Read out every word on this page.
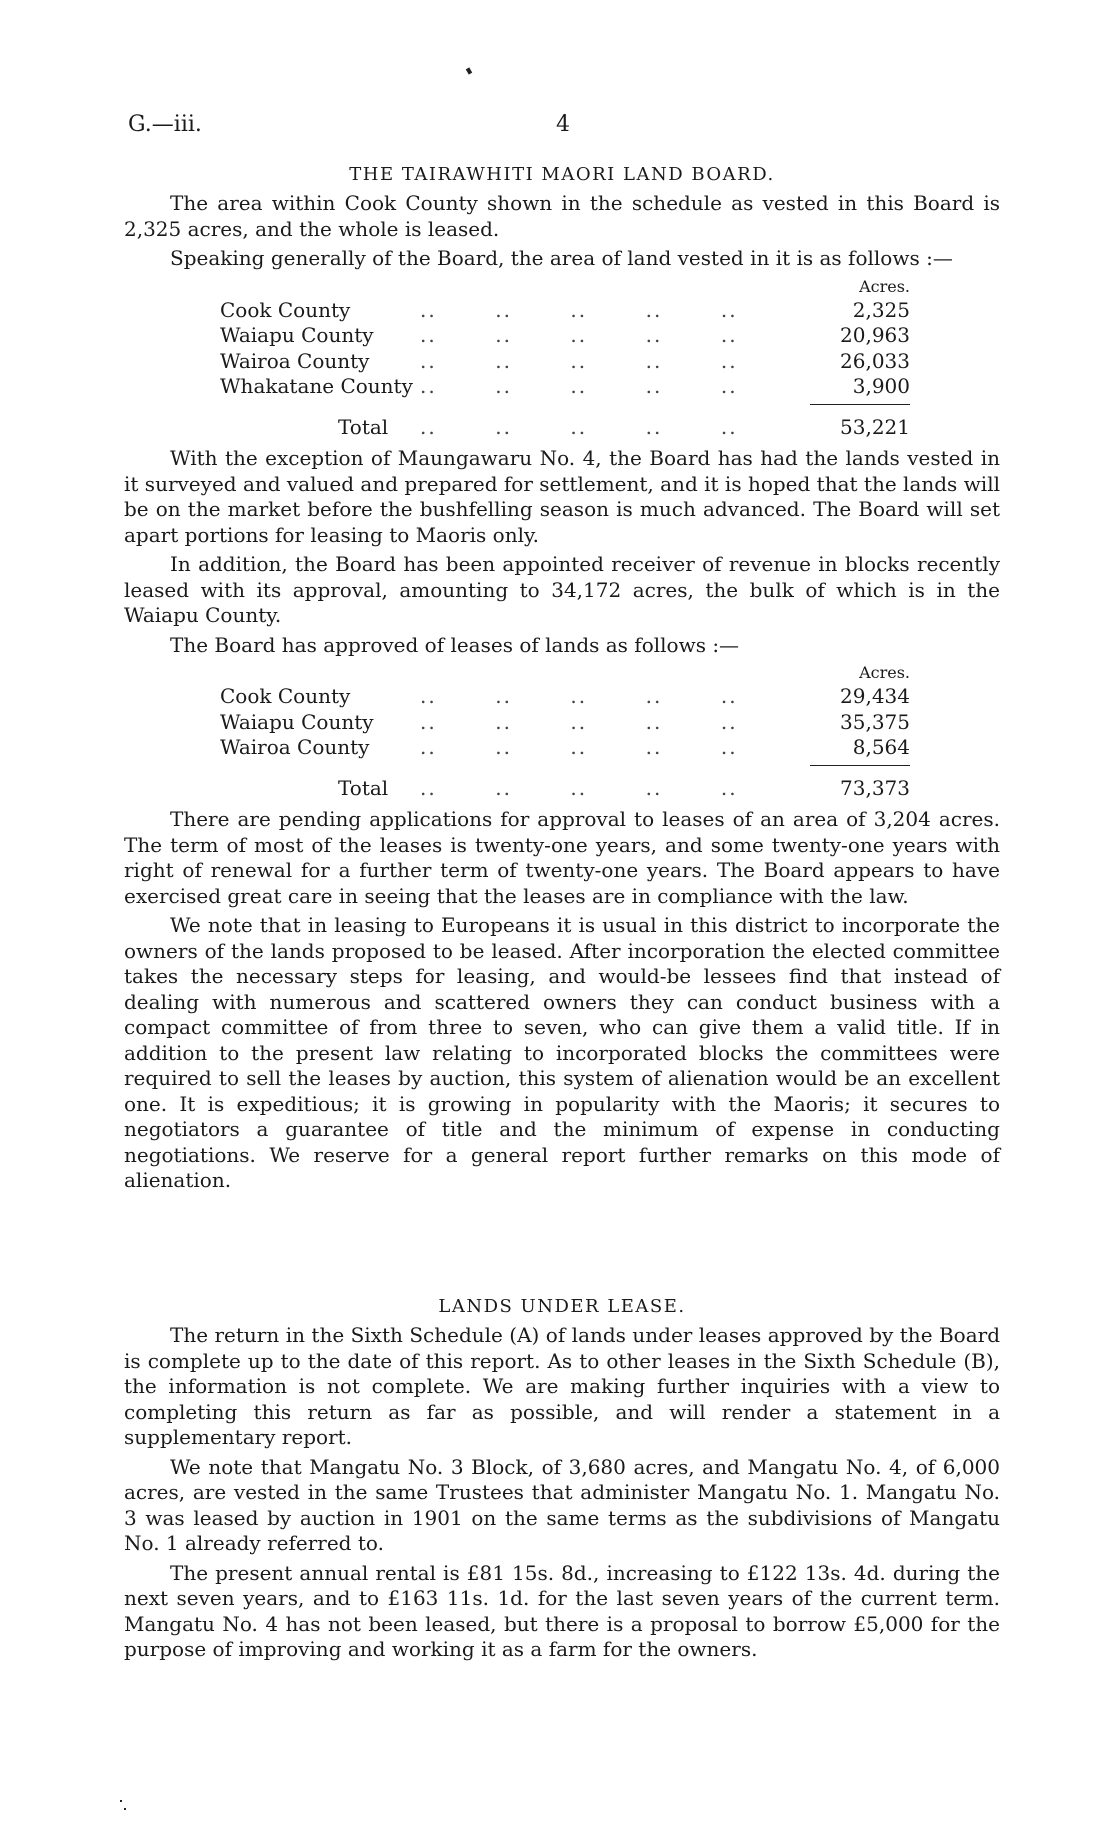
G.—iii.	4
THE TAIRAWHITI MAORI LAND BOARD.

The area within Cook County shown in the schedule as vested in this Board is 2,325 acres, and the whole is leased.

Speaking generally of the Board, the area of land vested in it is as follows :—

Acres.
Cook County	..       ..       ..       ..       ..	2,325
Waiapu County ..       ..       ..       ..       ..	20,963
Wairoa County	..       ..       ..       ..       ..	26,033
Whakatane County ..       ..       ..       ..       ..	3,900
Total ..       ..       ..       ..       ..	53,221

With the exception of Maungawaru No. 4, the Board has had the lands vested in it surveyed and valued and prepared for settlement, and it is hoped that the lands will be on the market before the bushfelling season is much advanced. The Board will set apart portions for leasing to Maoris only.

In addition, the Board has been appointed receiver of revenue in blocks recently leased with its approval, amounting to 34,172 acres, the bulk of which is in the Waiapu County.

The Board has approved of leases of lands as follows :—

Acres.
Cook County	..       ..       ..       ..       ..	29,434
Waiapu County ..       ..       ..       ..       ..	35,375
Wairoa County	..       ..       ..       ..       ..	8,564
Total ..       ..       ..       ..       ..	73,373

There are pending applications for approval to leases of an area of 3,204 acres. The term of most of the leases is twenty-one years, and some twenty-one years with right of renewal for a further term of twenty-one years. The Board appears to have exercised great care in seeing that the leases are in compliance with the law.

We note that in leasing to Europeans it is usual in this district to incorporate the owners of the lands proposed to be leased. After incorporation the elected committee takes the necessary steps for leasing, and would-be lessees find that instead of dealing with numerous and scattered owners they can conduct business with a compact committee of from three to seven, who can give them a valid title. If in addition to the present law relating to incorporated blocks the committees were required to sell the leases by auction, this system of alienation would be an excellent one. It is expeditious; it is growing in popularity with the Maoris; it secures to negotiators a guarantee of title and the minimum of expense in conducting negotiations. We reserve for a general report further remarks on this mode of alienation.

LANDS UNDER LEASE.

The return in the Sixth Schedule (A) of lands under leases approved by the Board is complete up to the date of this report. As to other leases in the Sixth Schedule (B), the information is not complete. We are making further inquiries with a view to completing this return as far as possible, and will render a statement in a supplementary report.

We note that Mangatu No. 3 Block, of 3,680 acres, and Mangatu No. 4, of 6,000 acres, are vested in the same Trustees that administer Mangatu No. 1. Mangatu No. 3 was leased by auction in 1901 on the same terms as the subdivisions of Mangatu No. 1 already referred to.

The present annual rental is £81 15s. 8d., increasing to £122 13s. 4d. during the next seven years, and to £163 11s. 1d. for the last seven years of the current term. Mangatu No. 4 has not been leased, but there is a proposal to borrow £5,000 for the purpose of improving and working it as a farm for the owners.
